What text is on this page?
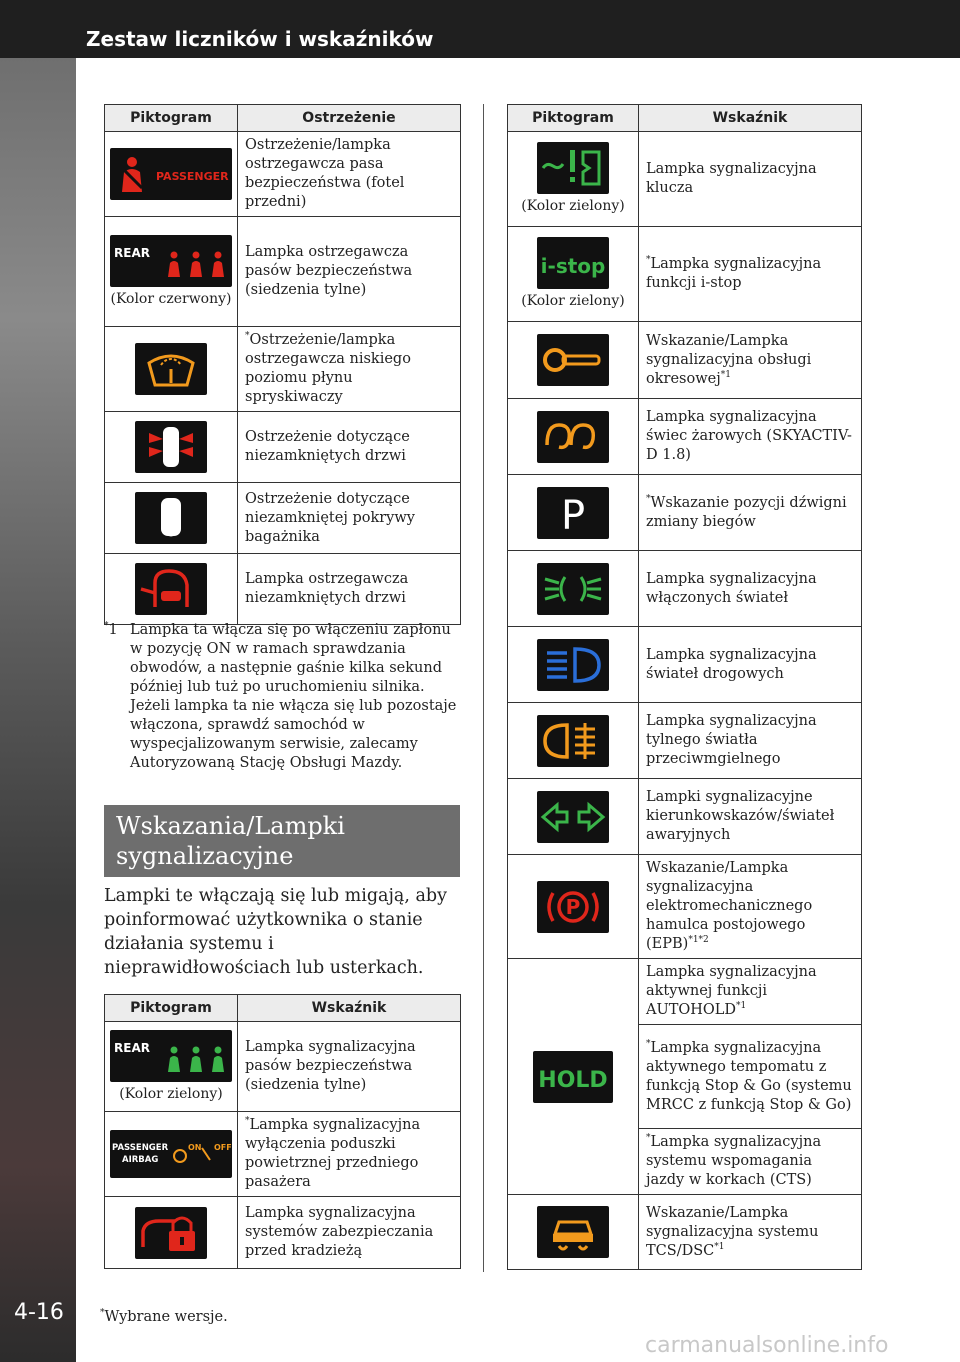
Zestaw liczników i wskaźników
4-16
Piktogram	Ostrzeżenie

PASSENGER	Ostrzeżenie/lampka ostrzegawcza pasa bezpieczeństwa (fotel przedni)

REAR
(Kolor czerwony)	Lampka ostrzegawcza pasów bezpieczeństwa (siedzenia tylne)

	*Ostrzeżenie/lampka ostrzegawcza niskiego poziomu płynu spryskiwaczy

	Ostrzeżenie dotyczące niezamkniętych drzwi

	Ostrzeżenie dotyczące niezamkniętej pokrywy bagażnika

	Lampka ostrzegawcza niezamkniętych drzwi
*1 Lampka ta włącza się po włączeniu zapłonu w pozycję ON w ramach sprawdzania obwodów, a następnie gaśnie kilka sekund później lub tuż po uruchomieniu silnika. Jeżeli lampka ta nie włącza się lub pozostaje włączona, sprawdź samochód w wyspecjalizowanym serwisie, zalecamy Autoryzowaną Stację Obsługi Mazdy.
Wskazania/Lampki sygnalizacyjne
Lampki te włączają się lub migają, aby poinformować użytkownika o stanie działania systemu i nieprawidłowościach lub usterkach.
Piktogram	Wskaźnik

REAR
(Kolor zielony)	Lampka sygnalizacyjna pasów bezpieczeństwa (siedzenia tylne)

PASSENGER
AIRBAG
ON OFF	*Lampka sygnalizacyjna wyłączenia poduszki powietrznej przedniego pasażera

	Lampka sygnalizacyjna systemów zabezpieczania przed kradzieżą
Piktogram	Wskaźnik

(Kolor zielony)	Lampka sygnalizacyjna klucza

i-stop
(Kolor zielony)	*Lampka sygnalizacyjna funkcji i-stop

	Wskazanie/Lampka sygnalizacyjna obsługi okresowej$^{*1}$

	Lampka sygnalizacyjna świec żarowych (SKYACTIV-D 1.8)

P	*Wskazanie pozycji dźwigni zmiany biegów

	Lampka sygnalizacyjna włączonych świateł

	Lampka sygnalizacyjna świateł drogowych

	Lampka sygnalizacyjna tylnego światła przeciwmgielnego

	Lampki sygnalizacyjne kierunkowskazów/świateł awaryjnych

P	Wskazanie/Lampka sygnalizacyjna elektromechanicznego hamulca postojowego (EPB)$^{*1*2}$

HOLD	Lampka sygnalizacyjna aktywnej funkcji AUTOHOLD$^{*1}$
	*Lampka sygnalizacyjna aktywnego tempomatu z funkcją Stop & Go (systemu MRCC z funkcją Stop & Go)
	*Lampka sygnalizacyjna systemu wspomagania jazdy w korkach (CTS)

	Wskazanie/Lampka sygnalizacyjna systemu TCS/DSC$^{*1}$
*Wybrane wersje.
carmanualsonline.info
